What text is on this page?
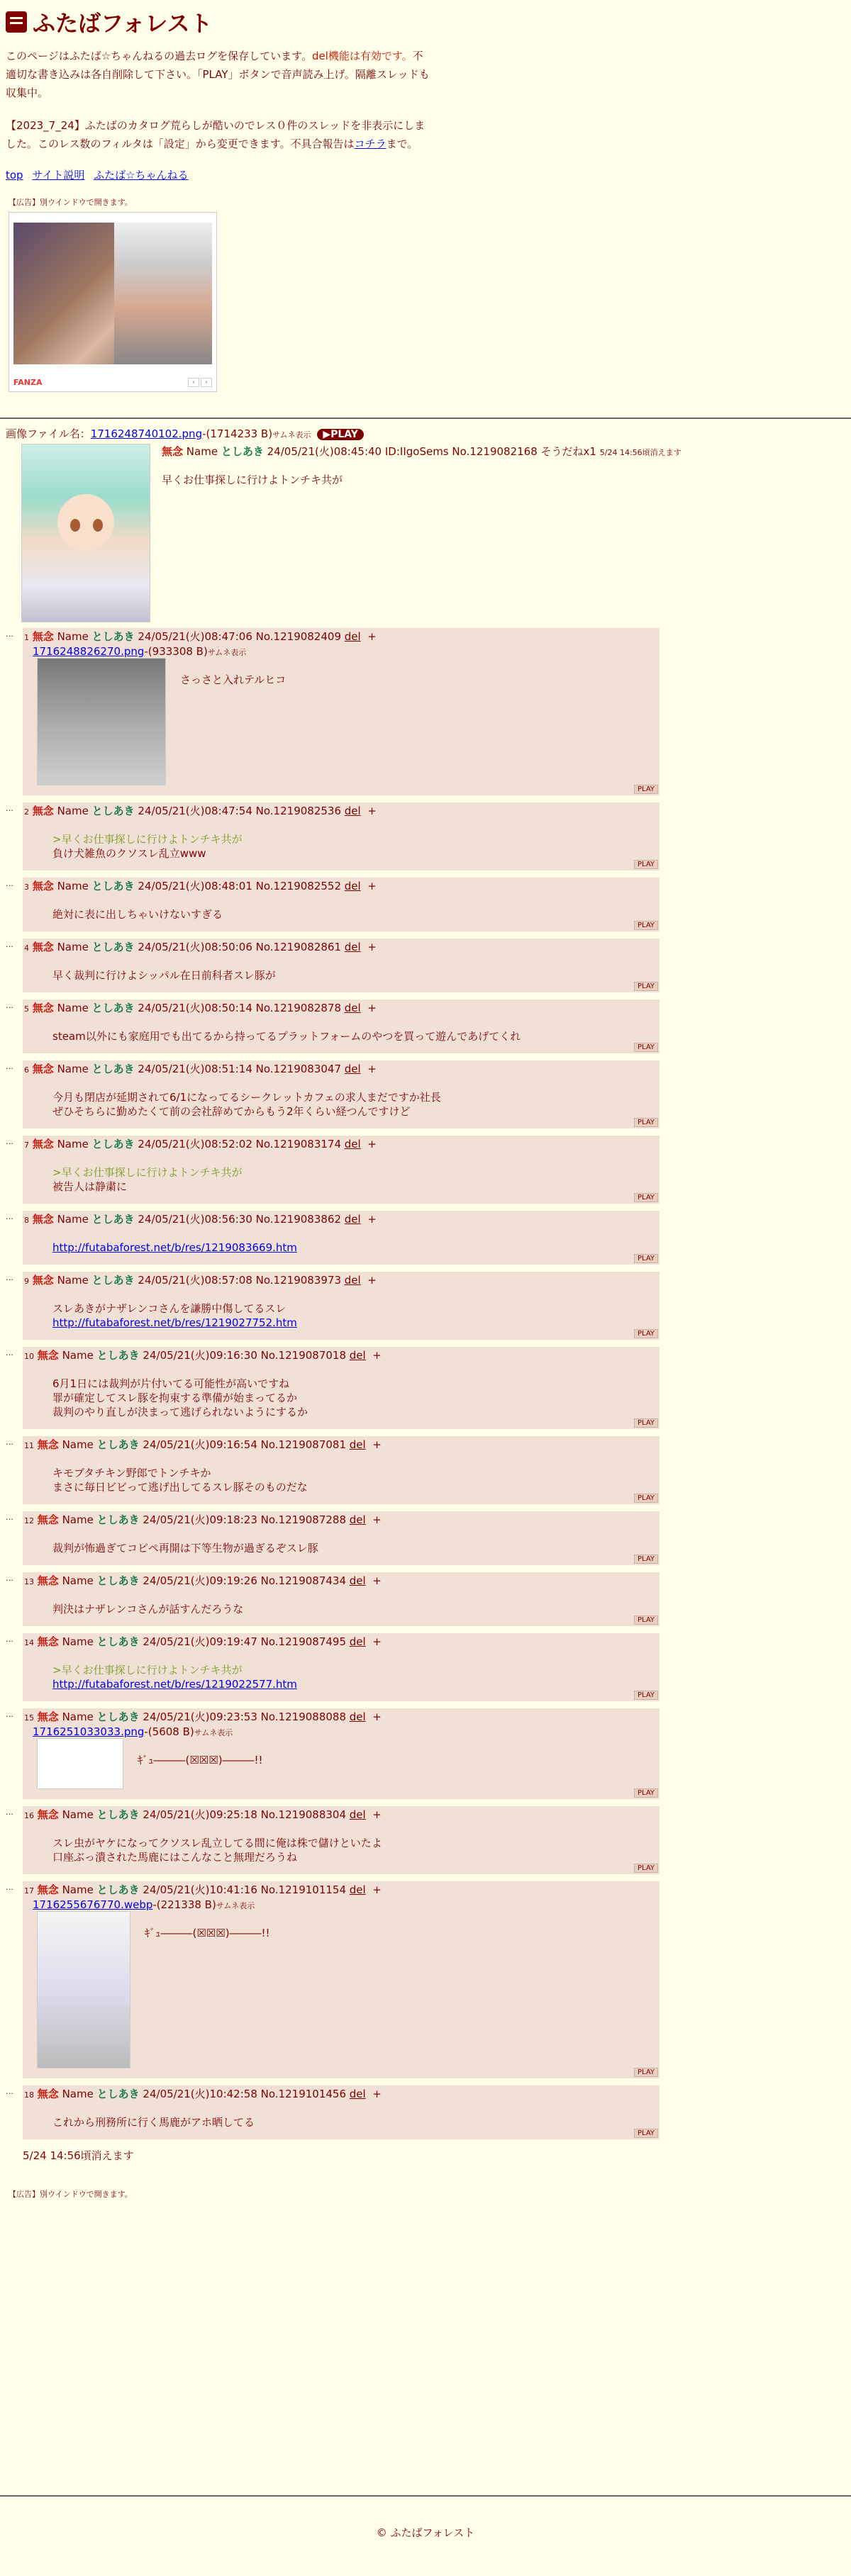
ふたばフォレスト

このページはふたば☆ちゃんねるの過去ログを保存しています。del機能は有効です。不適切な書き込みは各自削除して下さい。「PLAY」ボタンで音声読み上げ。隔離スレッドも収集中。

【2023_7_24】ふたばのカタログ荒らしが酷いのでレス０件のスレッドを非表示にしました。このレス数のフィルタは「設定」から変更できます。不具合報告はコチラまで。

top サイト説明 ふたば☆ちゃんねる
【広告】別ウインドウで開きます。
FANZA	‹ ›
画像ファイル名：1716248740102.png-(1714233 B)サムネ表示 ▶PLAY
無念 Name としあき 24/05/21(火)08:45:40 ID:IIgoSems No.1219082168 そうだねx1 5/24 14:56頃消えます
早くお仕事探しに行けよトンチキ共が
…	1 無念 Name としあき 24/05/21(火)08:47:06 No.1219082409 del +
1716248826270.png-(933308 B)サムネ表示
さっさと入れテルヒコ
PLAY
…	2 無念 Name としあき 24/05/21(火)08:47:54 No.1219082536 del +
>早くお仕事探しに行けよトンチキ共が
負け犬雑魚のクソスレ乱立www
PLAY
…	3 無念 Name としあき 24/05/21(火)08:48:01 No.1219082552 del +
絶対に表に出しちゃいけないすぎる
PLAY
…	4 無念 Name としあき 24/05/21(火)08:50:06 No.1219082861 del +
早く裁判に行けよシッパル在日前科者スレ豚が
PLAY
…	5 無念 Name としあき 24/05/21(火)08:50:14 No.1219082878 del +
steam以外にも家庭用でも出てるから持ってるプラットフォームのやつを買って遊んであげてくれ
PLAY
…	6 無念 Name としあき 24/05/21(火)08:51:14 No.1219083047 del +
今月も閉店が延期されて6/1になってるシークレットカフェの求人まだですか社長
ぜひそちらに勤めたくて前の会社辞めてからもう2年くらい経つんですけど
PLAY
…	7 無念 Name としあき 24/05/21(火)08:52:02 No.1219083174 del +
>早くお仕事探しに行けよトンチキ共が
被告人は静粛に
PLAY
…	8 無念 Name としあき 24/05/21(火)08:56:30 No.1219083862 del +
http://futabaforest.net/b/res/1219083669.htm
PLAY
…	9 無念 Name としあき 24/05/21(火)08:57:08 No.1219083973 del +
スレあきがナザレンコさんを謙勝中傷してるスレ
http://futabaforest.net/b/res/1219027752.htm
PLAY
…	10 無念 Name としあき 24/05/21(火)09:16:30 No.1219087018 del +
6月1日には裁判が片付いてる可能性が高いですね
罪が確定してスレ豚を拘束する準備が始まってるか
裁判のやり直しが決まって逃げられないようにするか
PLAY
…	11 無念 Name としあき 24/05/21(火)09:16:54 No.1219087081 del +
キモブタチキン野郎でトンチキか
まさに毎日ビビって逃げ出してるスレ豚そのものだな
PLAY
…	12 無念 Name としあき 24/05/21(火)09:18:23 No.1219087288 del +
裁判が怖過ぎてコピペ再開は下等生物が過ぎるぞスレ豚
PLAY
…	13 無念 Name としあき 24/05/21(火)09:19:26 No.1219087434 del +
判決はナザレンコさんが話すんだろうな
PLAY
…	14 無念 Name としあき 24/05/21(火)09:19:47 No.1219087495 del +
>早くお仕事探しに行けよトンチキ共が
http://futabaforest.net/b/res/1219022577.htm
PLAY
…	15 無念 Name としあき 24/05/21(火)09:23:53 No.1219088088 del +
1716251033033.png-(5608 B)サムネ表示
ｷﾞｭ―――(☒☒☒)―――!!
PLAY
…	16 無念 Name としあき 24/05/21(火)09:25:18 No.1219088304 del +
スレ虫がヤケになってクソスレ乱立してる間に俺は株で儲けといたよ
口座ぶっ潰された馬鹿にはこんなこと無理だろうね
PLAY
…	17 無念 Name としあき 24/05/21(火)10:41:16 No.1219101154 del +
1716255676770.webp-(221338 B)サムネ表示
ｷﾞｭ―――(☒☒☒)―――!!
PLAY
…	18 無念 Name としあき 24/05/21(火)10:42:58 No.1219101456 del +
これから刑務所に行く馬鹿がアホ晒してる
PLAY
5/24 14:56頃消えます
【広告】別ウインドウで開きます。
© ふたばフォレスト
